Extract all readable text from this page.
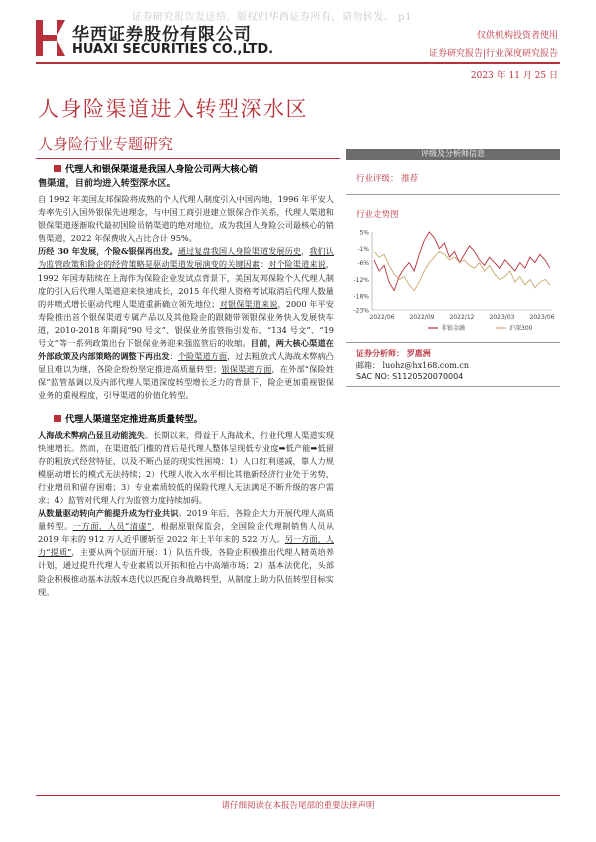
证券研究报告发送给，版权归华西证券所有，请勿转发。 p1
华西证券股份有限公司
HUAXI SECURITIES CO.,LTD.
仅供机构投资者使用
证券研究报告|行业深度研究报告
2023 年 11 月 25 日
人身险渠道进入转型深水区
人身险行业专题研究
代理人和银保渠道是我国人身险公司两大核心销
售渠道，目前均进入转型深水区。

自 1992 年美国友邦保险将成熟的个人代理人制度引入中国内地，1996 年平安人寿率先引入国外银保先进理念，与中国工商引进建立银保合作关系，代理人渠道和银保渠道逐渐取代最初国险员销渠道的绝对地位，成为我国人身险公司最核心的销售渠道，2022 年保费收入占比合计 95%。

历经 30 年发展，个险&银保再出发。通过复盘我国人身险渠道发展历史，我们认为监管政策和险企的经营策略是驱动渠道发展演变的关键因素：对个险渠道来说，1992 年国寿陆续在上海作为保险企业发试点背景下，美国友邦保险个人代理人制度的引入后代理人渠道迎来快速成长，2015 年代理人资格考试取消后代理人数量的井喷式增长驱动代理人渠道重新确立领先地位；对银保渠道来说，2000 年平安寿险推出首个银保渠道专属产品以及其他险企的跟随带领银保业务快入发展快车道，2010-2018 年期间“90 号文”、银保业务监管指引发布、“134 号文”、“19 号文”等一系列政策出台下银保业务迎来强监管后的收缩。目前，两大核心渠道在外部政策及内部策略的调整下再出发：个险渠道方面，过去粗放式人海战术弊病凸显且难以为继，各险企纷纷坚定推进高质量转型；银保渠道方面，在外部“保险姓保”监管基调以及内部代理人渠道深度转型增长乏力的背景下，险企更加重视银保业务的重视程度，引导渠道的价值化转型。

代理人渠道坚定推进高质量转型。

人海战术弊病凸显且动能流失。长期以来，得益于人海战术，行业代理人渠道实现快速增长。然而，在渠道低门槛的背后是代理人整体呈现低专业度➡低产能➡低留存的粗放式经营特征，以及不断凸显的现实性困境：1）人口红利递减，靠人力规模驱动增长的模式无法持续；2）代理人收入水平相比其他新经济行业处于劣势，行业增员和留存困难；3）专业素质较低的保险代理人无法满足不断升级的客户需求；4）监管对代理人行为监管力度持续加码。

从数量驱动转向产能提升成为行业共识。2019 年后，各险企大力开展代理人高质量转型。一方面，人员“清虚”，根据原银保监会，全国险企代理制销售人员从 2019 年末的 912 万人近乎腰斩至 2022 年上半年末的 522 万人。另一方面，人力“提质”，主要从两个层面开展：1）队伍升级，各险企积极推出代理人精英培养计划，通过提升代理人专业素质以开拓和抢占中高端市场；2）基本法优化，头部险企积极推动基本法版本迭代以匹配自身战略转型，从制度上助力队伍转型目标实现。

评级及分析师信息
行业评级： 推荐
行业走势图
5%
-1%
-6%
-12%
-18%
-23%
2022/06	2022/09	2022/12	2023/03	2023/06
非银金融	沪深300
证券分析师： 罗惠洲
邮箱： luohz@hx168.com.cn
SAC NO: S1120520070004
请仔细阅读在本报告尾部的重要法律声明
